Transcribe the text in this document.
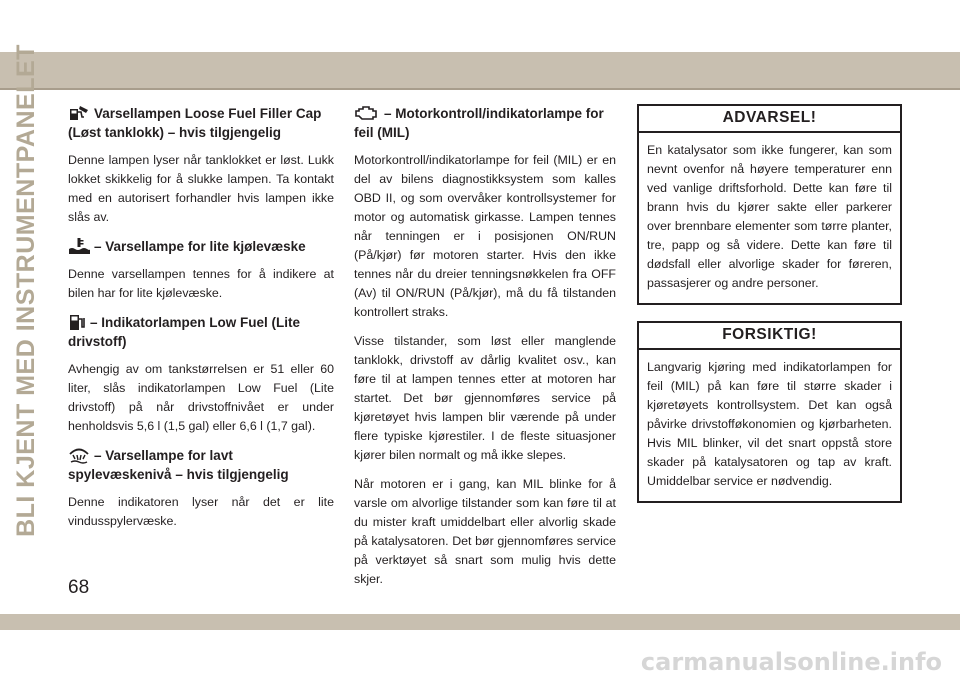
BLI KJENT MED INSTRUMENTPANELET	Varsellampen Loose Fuel Filler Cap (Løst tanklokk) – hvis tilgjengelig

Denne lampen lyser når tanklokket er løst. Lukk lokket skikkelig for å slukke lampen. Ta kontakt med en autorisert forhandler hvis lampen ikke slås av.

– Varsellampe for lite kjølevæske

Denne varsellampen tennes for å indikere at bilen har for lite kjølevæske.

– Indikatorlampen Low Fuel (Lite drivstoff)

Avhengig av om tankstørrelsen er 51 eller 60 liter, slås indikatorlampen Low Fuel (Lite drivstoff) på når drivstoffnivået er under henholdsvis 5,6 l (1,5 gal) eller 6,6 l (1,7 gal).

– Varsellampe for lavt spylevæskenivå – hvis tilgjengelig

Denne indikatoren lyser når det er lite vindusspylervæske.

– Motorkontroll/indikatorlampe for feil (MIL)

Motorkontroll/indikatorlampe for feil (MIL) er en del av bilens diagnostikksystem som kalles OBD II, og som overvåker kontrollsystemer for motor og automatisk girkasse. Lampen tennes når tenningen er i posisjonen ON/RUN (På/kjør) før motoren starter. Hvis den ikke tennes når du dreier tenningsnøkkelen fra OFF (Av) til ON/RUN (På/kjør), må du få tilstanden kontrollert straks.

Visse tilstander, som løst eller manglende tanklokk, drivstoff av dårlig kvalitet osv., kan føre til at lampen tennes etter at motoren har startet. Det bør gjennomføres service på kjøretøyet hvis lampen blir værende på under flere typiske kjørestiler. I de fleste situasjoner kjører bilen normalt og må ikke slepes.

Når motoren er i gang, kan MIL blinke for å varsle om alvorlige tilstander som kan føre til at du mister kraft umiddelbart eller alvorlig skade på katalysatoren. Det bør gjennomføres service på verktøyet så snart som mulig hvis dette skjer.

ADVARSEL!

En katalysator som ikke fungerer, kan som nevnt ovenfor nå høyere temperaturer enn ved vanlige driftsforhold. Dette kan føre til brann hvis du kjører sakte eller parkerer over brennbare elementer som tørre planter, tre, papp og så videre. Dette kan føre til dødsfall eller alvorlige skader for føreren, passasjerer og andre personer.

FORSIKTIG!

Langvarig kjøring med indikatorlampen for feil (MIL) på kan føre til større skader i kjøretøyets kontrollsystem. Det kan også påvirke drivstofføkonomien og kjørbarheten. Hvis MIL blinker, vil det snart oppstå store skader på katalysatoren og tap av kraft. Umiddelbar service er nødvendig.

68
carmanualsonline.info
